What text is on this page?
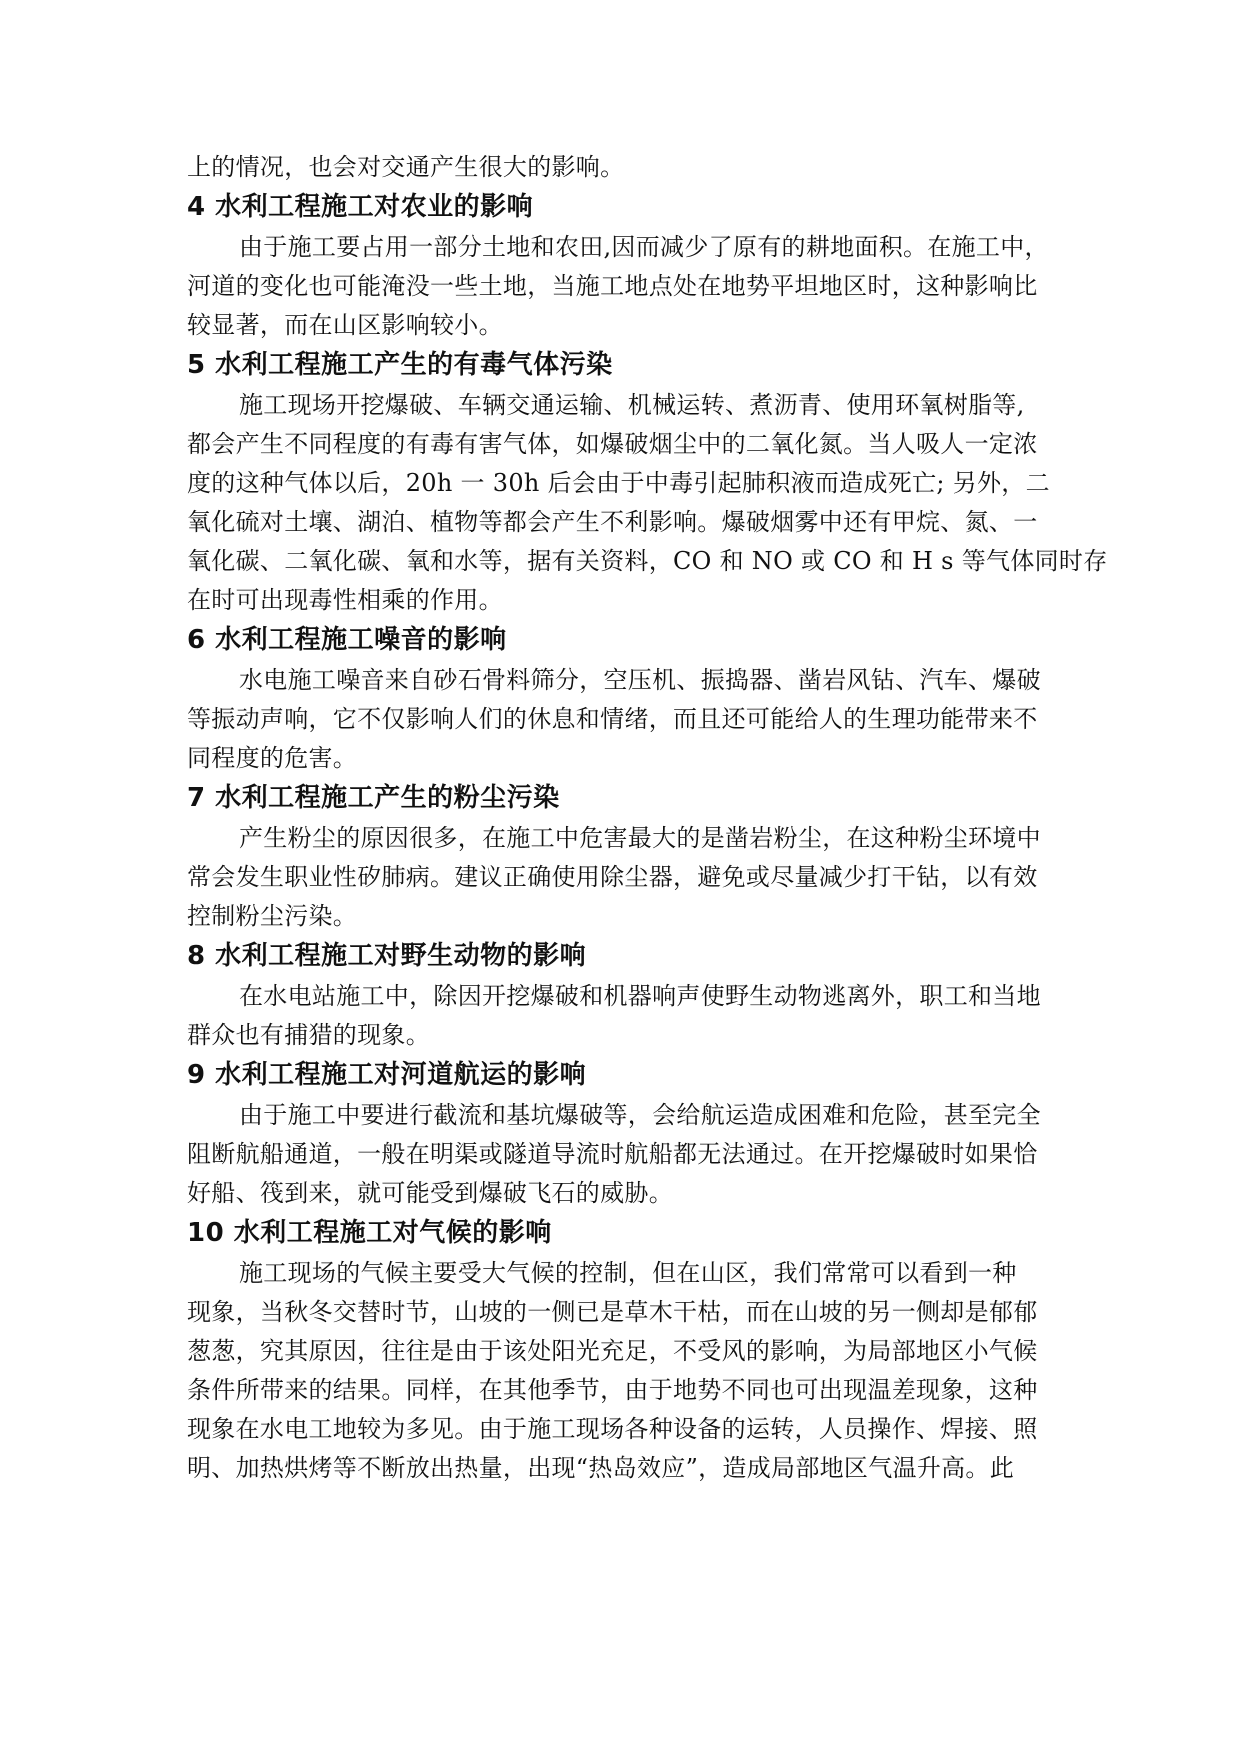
上的情况，也会对交通产生很大的影响。
4 水利工程施工对农业的影响
由于施工要占用一部分土地和农田,因而减少了原有的耕地面积。在施工中，
河道的变化也可能淹没一些土地，当施工地点处在地势平坦地区时，这种影响比
较显著，而在山区影响较小。
5 水利工程施工产生的有毒气体污染
施工现场开挖爆破、车辆交通运输、机械运转、煮沥青、使用环氧树脂等,
都会产生不同程度的有毒有害气体，如爆破烟尘中的二氧化氮。当人吸人一定浓
度的这种气体以后，20h 一 30h 后会由于中毒引起肺积液而造成死亡; 另外，二
氧化硫对土壤、湖泊、植物等都会产生不利影响。爆破烟雾中还有甲烷、氮、一
氧化碳、二氧化碳、氧和水等，据有关资料，CO 和 NO 或 CO 和 H s 等气体同时存
在时可出现毒性相乘的作用。
6 水利工程施工噪音的影响
水电施工噪音来自砂石骨料筛分，空压机、振捣器、凿岩风钻、汽车、爆破
等振动声响，它不仅影响人们的休息和情绪，而且还可能给人的生理功能带来不
同程度的危害。
7 水利工程施工产生的粉尘污染
产生粉尘的原因很多，在施工中危害最大的是凿岩粉尘，在这种粉尘环境中
常会发生职业性矽肺病。建议正确使用除尘器，避免或尽量减少打干钻，以有效
控制粉尘污染。
8 水利工程施工对野生动物的影响
在水电站施工中，除因开挖爆破和机器响声使野生动物逃离外，职工和当地
群众也有捕猎的现象。
9 水利工程施工对河道航运的影响
由于施工中要进行截流和基坑爆破等，会给航运造成困难和危险，甚至完全
阻断航船通道，一般在明渠或隧道导流时航船都无法通过。在开挖爆破时如果恰
好船、筏到来，就可能受到爆破飞石的威胁。
10 水利工程施工对气候的影响
施工现场的气候主要受大气候的控制，但在山区，我们常常可以看到一种
现象，当秋冬交替时节，山坡的一侧已是草木干枯，而在山坡的另一侧却是郁郁
葱葱，究其原因，往往是由于该处阳光充足，不受风的影响，为局部地区小气候
条件所带来的结果。同样，在其他季节，由于地势不同也可出现温差现象，这种
现象在水电工地较为多见。由于施工现场各种设备的运转，人员操作、焊接、照
明、加热烘烤等不断放出热量，出现“热岛效应”，造成局部地区气温升高。此
